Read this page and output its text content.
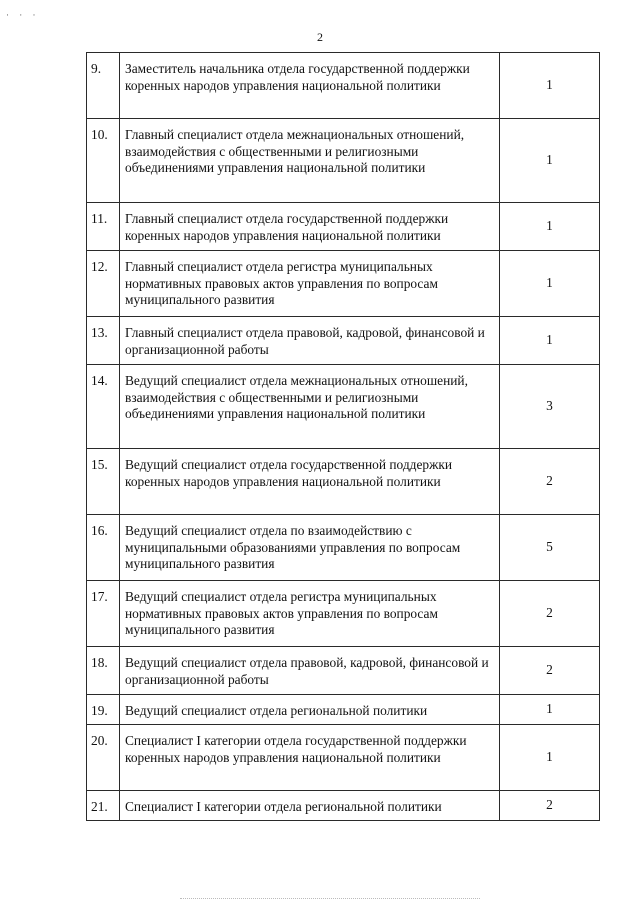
· · ·
2
9.	Заместитель начальника отдела государственной поддержки коренных народов управления национальной политики	1
10.	Главный специалист отдела межнациональных отношений, взаимодействия с общественными и религиозными объединениями управления национальной политики	1
11.	Главный специалист отдела государственной поддержки коренных народов управления национальной политики	1
12.	Главный специалист отдела регистра муниципальных нормативных правовых актов управления по вопросам муниципального развития	1
13.	Главный специалист отдела правовой, кадровой, финансовой и организационной работы	1
14.	Ведущий специалист отдела межнациональных отношений, взаимодействия с общественными и религиозными объединениями управления национальной политики	3
15.	Ведущий специалист отдела государственной поддержки коренных народов управления национальной политики	2
16.	Ведущий специалист отдела по взаимодействию с муниципальными образованиями управления по вопросам муниципального развития	5
17.	Ведущий специалист отдела регистра муниципальных нормативных правовых актов управления по вопросам муниципального развития	2
18.	Ведущий специалист отдела правовой, кадровой, финансовой и организационной работы	2
19.	Ведущий специалист отдела региональной политики	1
20.	Специалист I категории отдела государственной поддержки коренных народов управления национальной политики	1
21.	Специалист I категории отдела региональной политики	2
